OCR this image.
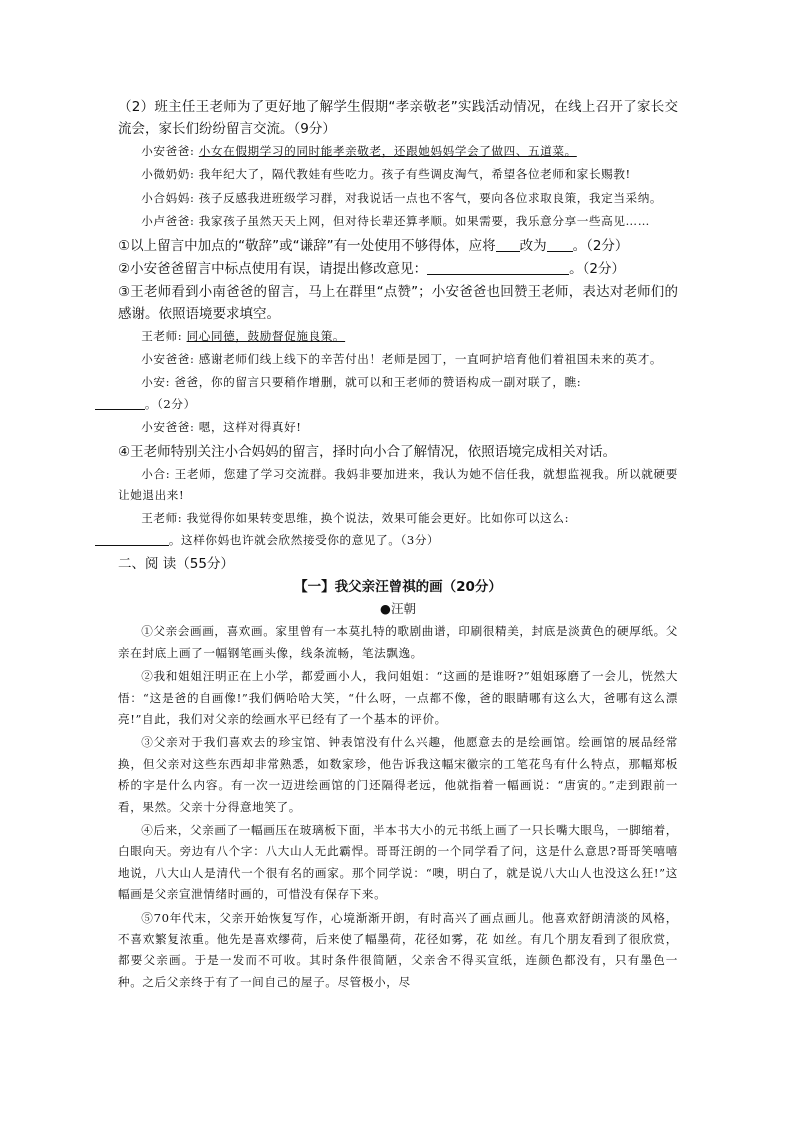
（2）班主任王老师为了更好地了解学生假期“孝亲敬老”实践活动情况，在线上召开了家长交流会，家长们纷纷留言交流。（9分）

小安爸爸: 小女在假期学习的同时能孝亲敬老，还跟她妈妈学会了做四、五道菜。

小微奶奶: 我年纪大了，隔代教娃有些吃力。孩子有些调皮淘气，希望各位老师和家长赐教!

小合妈妈: 孩子反感我进班级学习群，对我说话一点也不客气，要向各位求取良策，我定当采纳。

小卢爸爸: 我家孩子虽然天天上网，但对待长辈还算孝顺。如果需要，我乐意分享一些高见……

①以上留言中加点的“敬辞”或“谦辞”有一处使用不够得体，应将 改为 。（2分）

②小安爸爸留言中标点使用有误，请提出修改意见：	。（2分）

③王老师看到小南爸爸的留言，马上在群里“点赞”；小安爸爸也回赞王老师，表达对老师们的感谢。依照语境要求填空。

王老师: 同心同德，鼓励督促施良策。

小安爸爸: 感谢老师们线上线下的辛苦付出！老师是园丁，一直呵护培育他们着祖国未来的英才。

小安: 爸爸，你的留言只要稍作增删，就可以和王老师的赞语构成一副对联了，瞧:
。（2分）

小安爸爸: 嗯，这样对得真好!

④王老师特别关注小合妈妈的留言，择时向小合了解情况，依照语境完成相关对话。

小合: 王老师，您建了学习交流群。我妈非要加进来，我认为她不信任我，就想监视我。所以就硬要让她退出来!

王老师: 我觉得你如果转变思维，换个说法，效果可能会更好。比如你可以这么:
。这样你妈也许就会欣然接受你的意见了。（3分）

二、阅 读（55分）

【一】我父亲汪曾祺的画（20分）

●汪朝

①父亲会画画，喜欢画。家里曾有一本莫扎特的歌剧曲谱，印刷很精美，封底是淡黄色的硬厚纸。父亲在封底上画了一幅钢笔画头像，线条流畅，笔法飘逸。

②我和姐姐汪明正在上小学，都爱画小人，我问姐姐：“这画的是谁呀?”姐姐琢磨了一会儿，恍然大悟：“这是爸的自画像!”我们俩哈哈大笑，“什么呀，一点都不像，爸的眼睛哪有这么大，爸哪有这么漂亮!”自此，我们对父亲的绘画水平已经有了一个基本的评价。

③父亲对于我们喜欢去的珍宝馆、钟表馆没有什么兴趣，他愿意去的是绘画馆。绘画馆的展品经常换，但父亲对这些东西却非常熟悉，如数家珍，他告诉我这幅宋徽宗的工笔花鸟有什么特点，那幅郑板桥的字是什么内容。有一次一迈进绘画馆的门还隔得老远，他就指着一幅画说：“唐寅的。”走到跟前一看，果然。父亲十分得意地笑了。

④后来，父亲画了一幅画压在玻璃板下面，半本书大小的元书纸上画了一只长嘴大眼鸟，一脚缩着，白眼向天。旁边有八个字：八大山人无此霸悍。哥哥汪朗的一个同学看了问，这是什么意思?哥哥笑嘻嘻地说，八大山人是清代一个很有名的画家。那个同学说：“噢，明白了，就是说八大山人也没这么狂!”这幅画是父亲宣泄情绪时画的，可惜没有保存下来。

⑤70年代末，父亲开始恢复写作，心境渐渐开朗，有时高兴了画点画儿。他喜欢舒朗清淡的风格，不喜欢繁复浓重。他先是喜欢缪荷，后来使了幅墨荷，花径如雾，花 如丝。有几个朋友看到了很欣赏，都要父亲画。于是一发而不可收。其时条件很简陋，父亲舍不得买宣纸，连颜色都没有，只有墨色一种。之后父亲终于有了一间自己的屋子。尽管极小，尽
